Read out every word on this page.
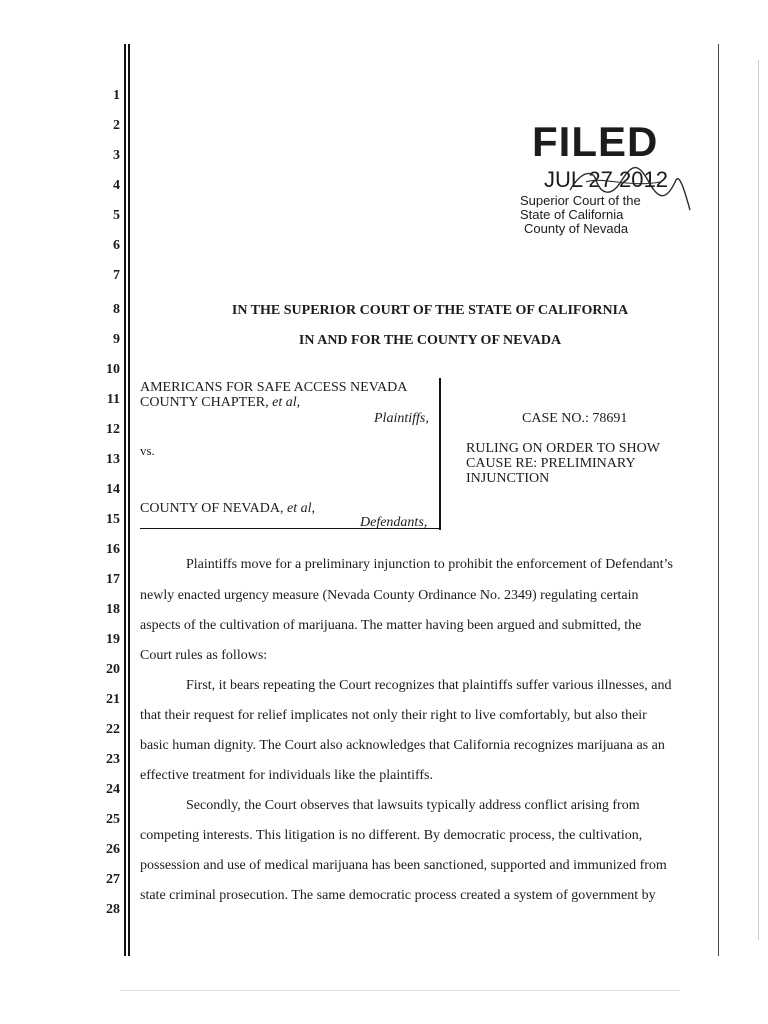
1
2
3
4
5
6
7
8
9
10
11
12
13
14
15
16
17
18
19
20
21
22
23
24
25
26
27
28
FILED
JUL 27 2012
Superior Court of the
State of California
County of Nevada
IN THE SUPERIOR COURT OF THE STATE OF CALIFORNIA
IN AND FOR THE COUNTY OF NEVADA
AMERICANS FOR SAFE ACCESS NEVADA
COUNTY CHAPTER, et al,
Plaintiffs,
vs.
COUNTY OF NEVADA, et al,
Defendants,
CASE NO.: 78691
RULING ON ORDER TO SHOW
CAUSE RE: PRELIMINARY
INJUNCTION
Plaintiffs move for a preliminary injunction to prohibit the enforcement of Defendant’s
newly enacted urgency measure (Nevada County Ordinance No. 2349) regulating certain
aspects of the cultivation of marijuana. The matter having been argued and submitted, the
Court rules as follows:
First, it bears repeating the Court recognizes that plaintiffs suffer various illnesses, and
that their request for relief implicates not only their right to live comfortably, but also their
basic human dignity. The Court also acknowledges that California recognizes marijuana as an
effective treatment for individuals like the plaintiffs.
Secondly, the Court observes that lawsuits typically address conflict arising from
competing interests. This litigation is no different. By democratic process, the cultivation,
possession and use of medical marijuana has been sanctioned, supported and immunized from
state criminal prosecution. The same democratic process created a system of government by
